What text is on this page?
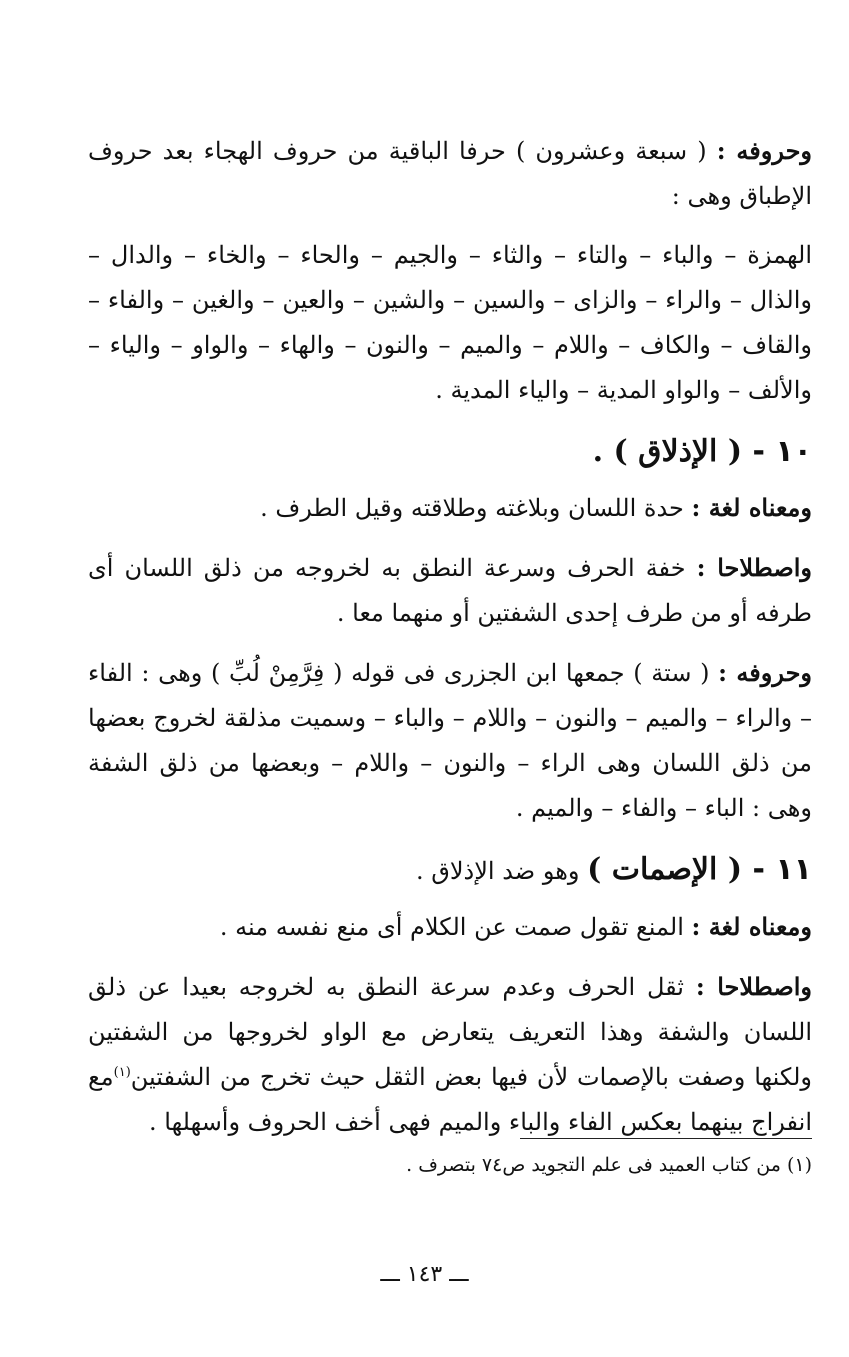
وحروفه : ( سبعة وعشرون ) حرفا الباقية من حروف الهجاء بعد حروف الإطباق وهى :

الهمزة – والباء – والتاء – والثاء – والجيم – والحاء – والخاء – والدال – والذال – والراء – والزاى – والسين – والشين – والعين – والغين – والفاء – والقاف – والكاف – واللام – والميم – والنون – والهاء – والواو – والياء – والألف – والواو المدية – والياء المدية .

١٠ - ( الإذلاق ) .

ومعناه لغة : حدة اللسان وبلاغته وطلاقته وقيل الطرف .

واصطلاحا : خفة الحرف وسرعة النطق به لخروجه من ذلق اللسان أى طرفه أو من طرف إحدى الشفتين أو منهما معا .

وحروفه : ( ستة ) جمعها ابن الجزرى فى قوله ( فِرَّمِنْ لُبِّ ) وهى : الفاء – والراء – والميم – والنون – واللام – والباء – وسميت مذلقة لخروج بعضها من ذلق اللسان وهى الراء – والنون – واللام – وبعضها من ذلق الشفة وهى : الباء – والفاء – والميم .

١١ - ( الإصمات ) وهو ضد الإذلاق .

ومعناه لغة : المنع تقول صمت عن الكلام أى منع نفسه منه .

واصطلاحا : ثقل الحرف وعدم سرعة النطق به لخروجه بعيدا عن ذلق اللسان والشفة وهذا التعريف يتعارض مع الواو لخروجها من الشفتين ولكنها وصفت بالإصمات لأن فيها بعض الثقل حيث تخرج من الشفتين$^{(١)}$مع انفراج بينهما بعكس الفاء والباء والميم فهى أخف الحروف وأسهلها .

(١) من كتاب العميد فى علم التجويد ص٧٤ بتصرف .
ـــ ١٤٣ ـــ
